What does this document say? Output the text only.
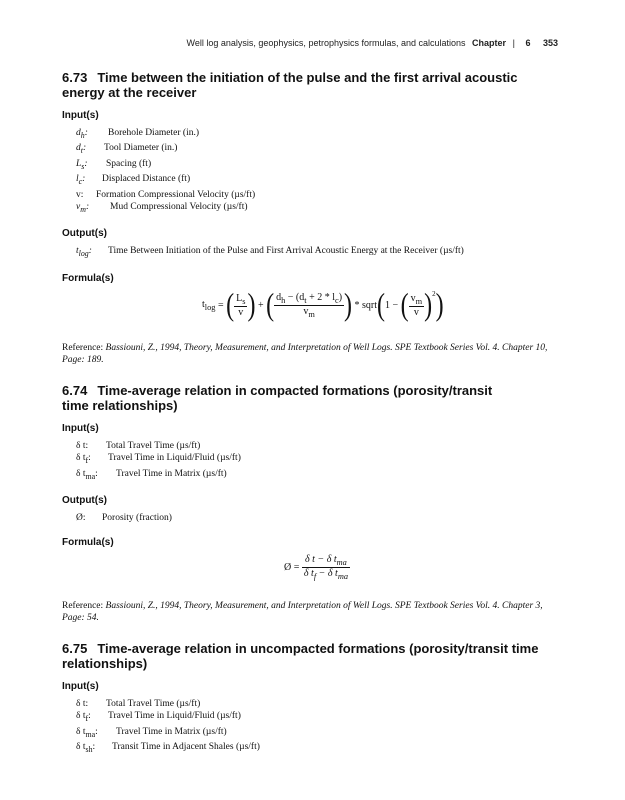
Well log analysis, geophysics, petrophysics formulas, and calculations Chapter | 6 353
6.73 Time between the initiation of the pulse and the first arrival acoustic
energy at the receiver
Input(s)
$d_h$: Borehole Diameter (in.)
$d_t$: Tool Diameter (in.)
$L_s$: Spacing (ft)
$l_c$: Displaced Distance (ft)
v: Formation Compressional Velocity (µs/ft)
$v_m$: Mud Compressional Velocity (µs/ft)
Output(s)
$t_{log}$: Time Between Initiation of the Pulse and First Arrival Acoustic Energy at the Receiver (µs/ft)
Formula(s)
$t_{log}$ = ( $\frac{L_s}{v}$ ) + ( $\frac{d_h - (d_t + 2 * l_c)}{v_m}$ ) * sqrt(1 − ( $\frac{v_m}{v} )^2$)

Reference: Bassiouni, Z., 1994, Theory, Measurement, and Interpretation of Well Logs. SPE Textbook Series Vol. 4. Chapter 10, Page: 189.

6.74 Time-average relation in compacted formations (porosity/transit
time relationships)
Input(s)
δ t: Total Travel Time (µs/ft)
δ $t_f$: Travel Time in Liquid/Fluid (µs/ft)
δ $t_{ma}$: Travel Time in Matrix (µs/ft)
Output(s)
Ø: Porosity (fraction)
Formula(s)
Ø = $\frac{\delta t - \delta t_{ma}}{\delta t_f - \delta t_{ma}}$

Reference: Bassiouni, Z., 1994, Theory, Measurement, and Interpretation of Well Logs. SPE Textbook Series Vol. 4. Chapter 3, Page: 54.

6.75 Time-average relation in uncompacted formations (porosity/transit time
relationships)
Input(s)
δ t: Total Travel Time (µs/ft)
δ $t_f$: Travel Time in Liquid/Fluid (µs/ft)
δ $t_{ma}$: Travel Time in Matrix (µs/ft)
δ $t_{sh}$: Transit Time in Adjacent Shales (µs/ft)
